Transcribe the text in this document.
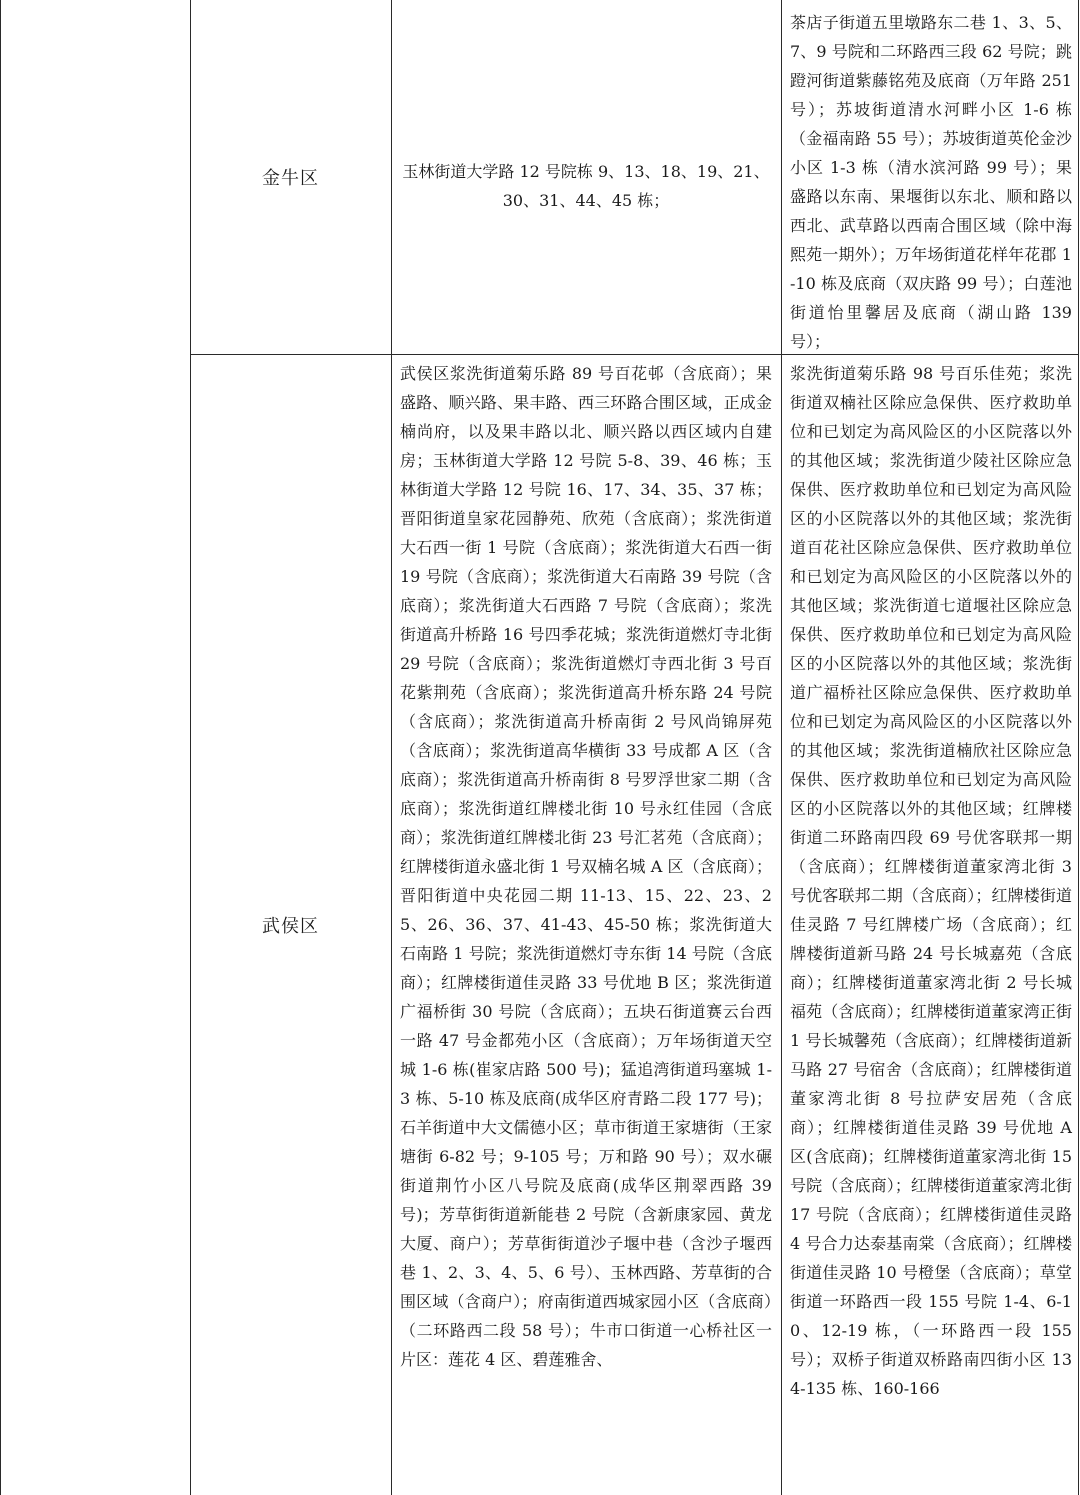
金牛区	玉林街道大学路 12 号院栋 9、13、18、19、21、30、31、44、45 栋；
茶店子街道五里墩路东二巷 1、3、5、7、9 号院和二环路西三段 62 号院；跳蹬河街道紫藤铭苑及底商（万年路 251 号）；苏坡街道清水河畔小区 1-6 栋（金福南路 55 号）；苏坡街道英伦金沙小区 1-3 栋（清水滨河路 99 号）；果盛路以东南、果堰街以东北、顺和路以西北、武草路以西南合围区域（除中海熙苑一期外）；万年场街道花样年花郡 1-10 栋及底商（双庆路 99 号）；白莲池街道怡里馨居及底商（湖山路 139 号）；
武侯区
武侯区浆洗街道菊乐路 89 号百花邨（含底商）；果盛路、顺兴路、果丰路、西三环路合围区域，正成金楠尚府，以及果丰路以北、顺兴路以西区域内自建房；玉林街道大学路 12 号院 5-8、39、46 栋；玉林街道大学路 12 号院 16、17、34、35、37 栋；晋阳街道皇家花园静苑、欣苑（含底商）；浆洗街道大石西一街 1 号院（含底商）；浆洗街道大石西一街 19 号院（含底商）；浆洗街道大石南路 39 号院（含底商）；浆洗街道大石西路 7 号院（含底商）；浆洗街道高升桥路 16 号四季花城；浆洗街道燃灯寺北街 29 号院（含底商）；浆洗街道燃灯寺西北街 3 号百花紫荆苑（含底商）；浆洗街道高升桥东路 24 号院（含底商）；浆洗街道高升桥南街 2 号风尚锦屏苑（含底商）；浆洗街道高华横街 33 号成都 A 区（含底商）；浆洗街道高升桥南街 8 号罗浮世家二期（含底商）；浆洗街道红牌楼北街 10 号永红佳园（含底商）；浆洗街道红牌楼北街 23 号汇茗苑（含底商）；红牌楼街道永盛北街 1 号双楠名城 A 区（含底商）；晋阳街道中央花园二期 11-13、15、22、23、25、26、36、37、41-43、45-50 栋；浆洗街道大石南路 1 号院；浆洗街道燃灯寺东街 14 号院（含底商）；红牌楼街道佳灵路 33 号优地 B 区；浆洗街道广福桥街 30 号院（含底商）；五块石街道赛云台西一路 47 号金都苑小区（含底商）；万年场街道天空城 1-6 栋(崔家店路 500 号)；猛追湾街道玛塞城 1-3 栋、5-10 栋及底商(成华区府青路二段 177 号)；石羊街道中大文儒德小区；草市街道王家塘街（王家塘街 6-82 号；9-105 号；万和路 90 号）；双水碾街道荆竹小区八号院及底商(成华区荆翠西路 39 号)；芳草街街道新能巷 2 号院（含新康家园、黄龙大厦、商户）；芳草街街道沙子堰中巷（含沙子堰西巷 1、2、3、4、5、6 号）、玉林西路、芳草街的合围区域（含商户）；府南街道西城家园小区（含底商）（二环路西二段 58 号）；牛市口街道一心桥社区一片区：莲花 4 区、碧莲雅舍、
浆洗街道菊乐路 98 号百乐佳苑；浆洗街道双楠社区除应急保供、医疗救助单位和已划定为高风险区的小区院落以外的其他区域；浆洗街道少陵社区除应急保供、医疗救助单位和已划定为高风险区的小区院落以外的其他区域；浆洗街道百花社区除应急保供、医疗救助单位和已划定为高风险区的小区院落以外的其他区域；浆洗街道七道堰社区除应急保供、医疗救助单位和已划定为高风险区的小区院落以外的其他区域；浆洗街道广福桥社区除应急保供、医疗救助单位和已划定为高风险区的小区院落以外的其他区域；浆洗街道楠欣社区除应急保供、医疗救助单位和已划定为高风险区的小区院落以外的其他区域；红牌楼街道二环路南四段 69 号优客联邦一期（含底商）；红牌楼街道董家湾北街 3 号优客联邦二期（含底商）；红牌楼街道佳灵路 7 号红牌楼广场（含底商）；红牌楼街道新马路 24 号长城嘉苑（含底商）；红牌楼街道董家湾北街 2 号长城福苑（含底商）；红牌楼街道董家湾正街 1 号长城馨苑（含底商）；红牌楼街道新马路 27 号宿舍（含底商）；红牌楼街道董家湾北街 8 号拉萨安居苑（含底商）；红牌楼街道佳灵路 39 号优地 A 区(含底商)；红牌楼街道董家湾北街 15 号院（含底商）；红牌楼街道董家湾北街 17 号院（含底商）；红牌楼街道佳灵路 4 号合力达泰基南棠（含底商）；红牌楼街道佳灵路 10 号橙堡（含底商）；草堂街道一环路西一段 155 号院 1-4、6-10、12-19 栋，（一环路西一段 155 号）；双桥子街道双桥路南四街小区 134-135 栋、160-166
